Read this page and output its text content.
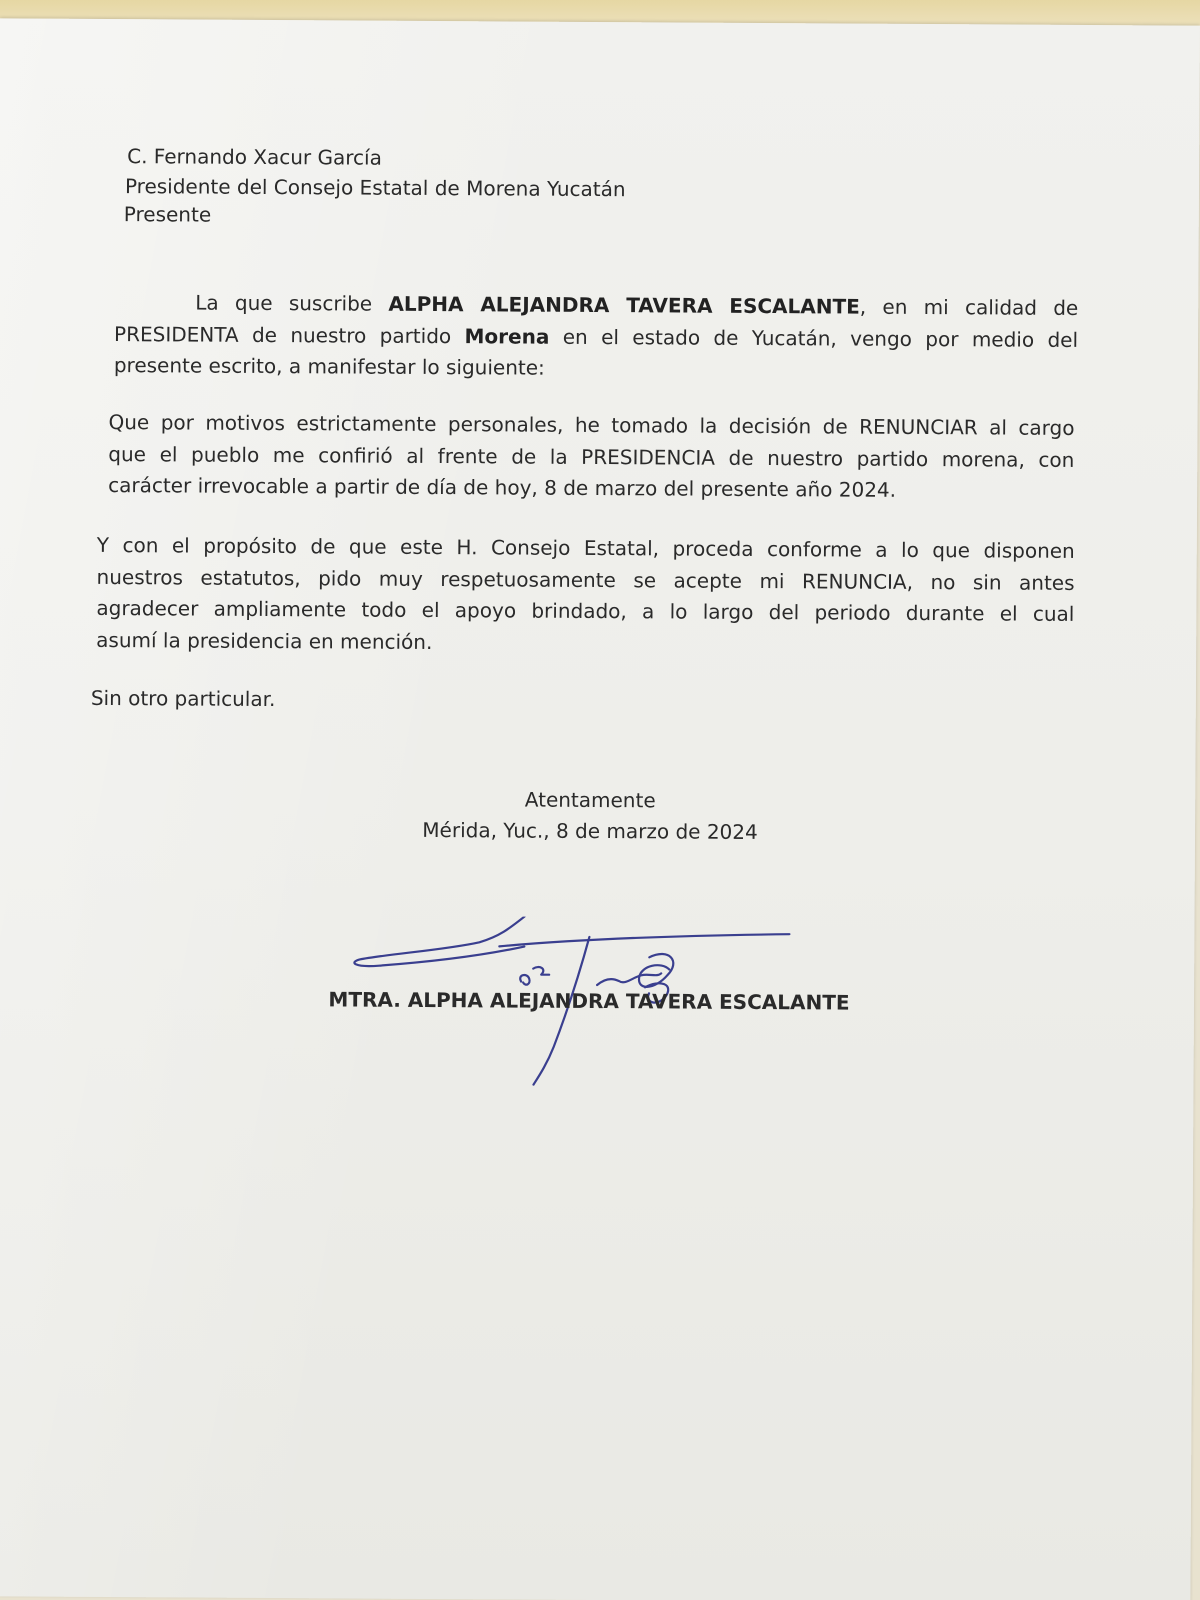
C. Fernando Xacur García
Presidente del Consejo Estatal de Morena Yucatán
Presente
La que suscribe ALPHA ALEJANDRA TAVERA ESCALANTE, en mi calidad de
PRESIDENTA de nuestro partido Morena en el estado de Yucatán, vengo por medio del
presente escrito, a manifestar lo siguiente:
Que por motivos estrictamente personales, he tomado la decisión de RENUNCIAR al cargo
que el pueblo me confirió al frente de la PRESIDENCIA de nuestro partido morena, con
carácter irrevocable a partir de día de hoy, 8 de marzo del presente año 2024.
Y con el propósito de que este H. Consejo Estatal, proceda conforme a lo que disponen
nuestros estatutos, pido muy respetuosamente se acepte mi RENUNCIA, no sin antes
agradecer ampliamente todo el apoyo brindado, a lo largo del periodo durante el cual
asumí la presidencia en mención.
Sin otro particular.
Atentamente
Mérida, Yuc., 8 de marzo de 2024
MTRA. ALPHA ALEJANDRA TAVERA ESCALANTE
